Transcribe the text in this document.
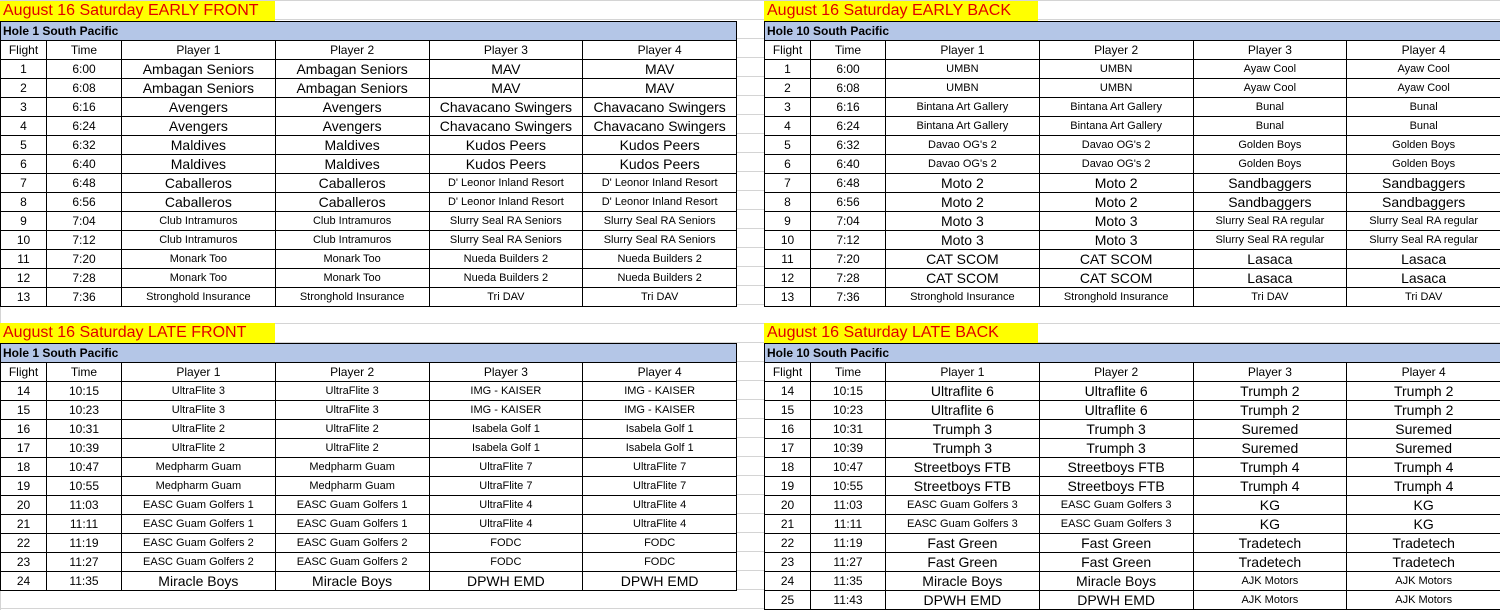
August 16 Saturday EARLY FRONT
Hole 1 South Pacific					
Flight	Time	Player 1	Player 2	Player 3	Player 4
1	6:00	Ambagan Seniors	Ambagan Seniors	MAV	MAV
2	6:08	Ambagan Seniors	Ambagan Seniors	MAV	MAV
3	6:16	Avengers	Avengers	Chavacano Swingers	Chavacano Swingers
4	6:24	Avengers	Avengers	Chavacano Swingers	Chavacano Swingers
5	6:32	Maldives	Maldives	Kudos Peers	Kudos Peers
6	6:40	Maldives	Maldives	Kudos Peers	Kudos Peers
7	6:48	Caballeros	Caballeros	D' Leonor Inland Resort	D' Leonor Inland Resort
8	6:56	Caballeros	Caballeros	D' Leonor Inland Resort	D' Leonor Inland Resort
9	7:04	Club Intramuros	Club Intramuros	Slurry Seal RA Seniors	Slurry Seal RA Seniors
10	7:12	Club Intramuros	Club Intramuros	Slurry Seal RA Seniors	Slurry Seal RA Seniors
11	7:20	Monark Too	Monark Too	Nueda Builders 2	Nueda Builders 2
12	7:28	Monark Too	Monark Too	Nueda Builders 2	Nueda Builders 2
13	7:36	Stronghold Insurance	Stronghold Insurance	Tri DAV	Tri DAV
August 16 Saturday EARLY BACK
Hole 10 South Pacific					
Flight	Time	Player 1	Player 2	Player 3	Player 4
1	6:00	UMBN	UMBN	Ayaw Cool	Ayaw Cool
2	6:08	UMBN	UMBN	Ayaw Cool	Ayaw Cool
3	6:16	Bintana Art Gallery	Bintana Art Gallery	Bunal	Bunal
4	6:24	Bintana Art Gallery	Bintana Art Gallery	Bunal	Bunal
5	6:32	Davao OG's 2	Davao OG's 2	Golden Boys	Golden Boys
6	6:40	Davao OG's 2	Davao OG's 2	Golden Boys	Golden Boys
7	6:48	Moto 2	Moto 2	Sandbaggers	Sandbaggers
8	6:56	Moto 2	Moto 2	Sandbaggers	Sandbaggers
9	7:04	Moto 3	Moto 3	Slurry Seal RA regular	Slurry Seal RA regular
10	7:12	Moto 3	Moto 3	Slurry Seal RA regular	Slurry Seal RA regular
11	7:20	CAT SCOM	CAT SCOM	Lasaca	Lasaca
12	7:28	CAT SCOM	CAT SCOM	Lasaca	Lasaca
13	7:36	Stronghold Insurance	Stronghold Insurance	Tri DAV	Tri DAV
August 16 Saturday LATE FRONT
Hole 1 South Pacific					
Flight	Time	Player 1	Player 2	Player 3	Player 4
14	10:15	UltraFlite 3	UltraFlite 3	IMG - KAISER	IMG - KAISER
15	10:23	UltraFlite 3	UltraFlite 3	IMG - KAISER	IMG - KAISER
16	10:31	UltraFlite 2	UltraFlite 2	Isabela Golf 1	Isabela Golf 1
17	10:39	UltraFlite 2	UltraFlite 2	Isabela Golf 1	Isabela Golf 1
18	10:47	Medpharm Guam	Medpharm Guam	UltraFlite 7	UltraFlite 7
19	10:55	Medpharm Guam	Medpharm Guam	UltraFlite 7	UltraFlite 7
20	11:03	EASC Guam Golfers 1	EASC Guam Golfers 1	UltraFlite 4	UltraFlite 4
21	11:11	EASC Guam Golfers 1	EASC Guam Golfers 1	UltraFlite 4	UltraFlite 4
22	11:19	EASC Guam Golfers 2	EASC Guam Golfers 2	FODC	FODC
23	11:27	EASC Guam Golfers 2	EASC Guam Golfers 2	FODC	FODC
24	11:35	Miracle Boys	Miracle Boys	DPWH EMD	DPWH EMD
August 16 Saturday LATE BACK
Hole 10 South Pacific					
Flight	Time	Player 1	Player 2	Player 3	Player 4
14	10:15	Ultraflite 6	Ultraflite 6	Trumph 2	Trumph 2
15	10:23	Ultraflite 6	Ultraflite 6	Trumph 2	Trumph 2
16	10:31	Trumph 3	Trumph 3	Suremed	Suremed
17	10:39	Trumph 3	Trumph 3	Suremed	Suremed
18	10:47	Streetboys FTB	Streetboys FTB	Trumph 4	Trumph 4
19	10:55	Streetboys FTB	Streetboys FTB	Trumph 4	Trumph 4
20	11:03	EASC Guam Golfers 3	EASC Guam Golfers 3	KG	KG
21	11:11	EASC Guam Golfers 3	EASC Guam Golfers 3	KG	KG
22	11:19	Fast Green	Fast Green	Tradetech	Tradetech
23	11:27	Fast Green	Fast Green	Tradetech	Tradetech
24	11:35	Miracle Boys	Miracle Boys	AJK Motors	AJK Motors
25	11:43	DPWH EMD	DPWH EMD	AJK Motors	AJK Motors
